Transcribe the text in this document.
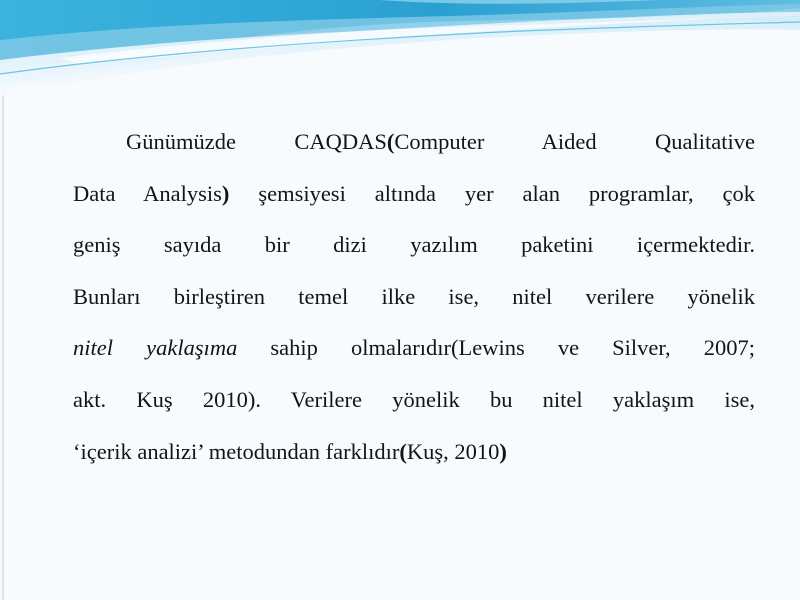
Günümüzde CAQDAS(Computer Aided Qualitative
Data Analysis) şemsiyesi altında yer alan programlar, çok
geniş sayıda bir dizi yazılım paketini içermektedir.
Bunları birleştiren temel ilke ise, nitel verilere yönelik
nitel yaklaşıma sahip olmalarıdır(Lewins ve Silver, 2007;
akt. Kuş 2010). Verilere yönelik bu nitel yaklaşım ise,
‘içerik analizi’ metodundan farklıdır(Kuş, 2010)
